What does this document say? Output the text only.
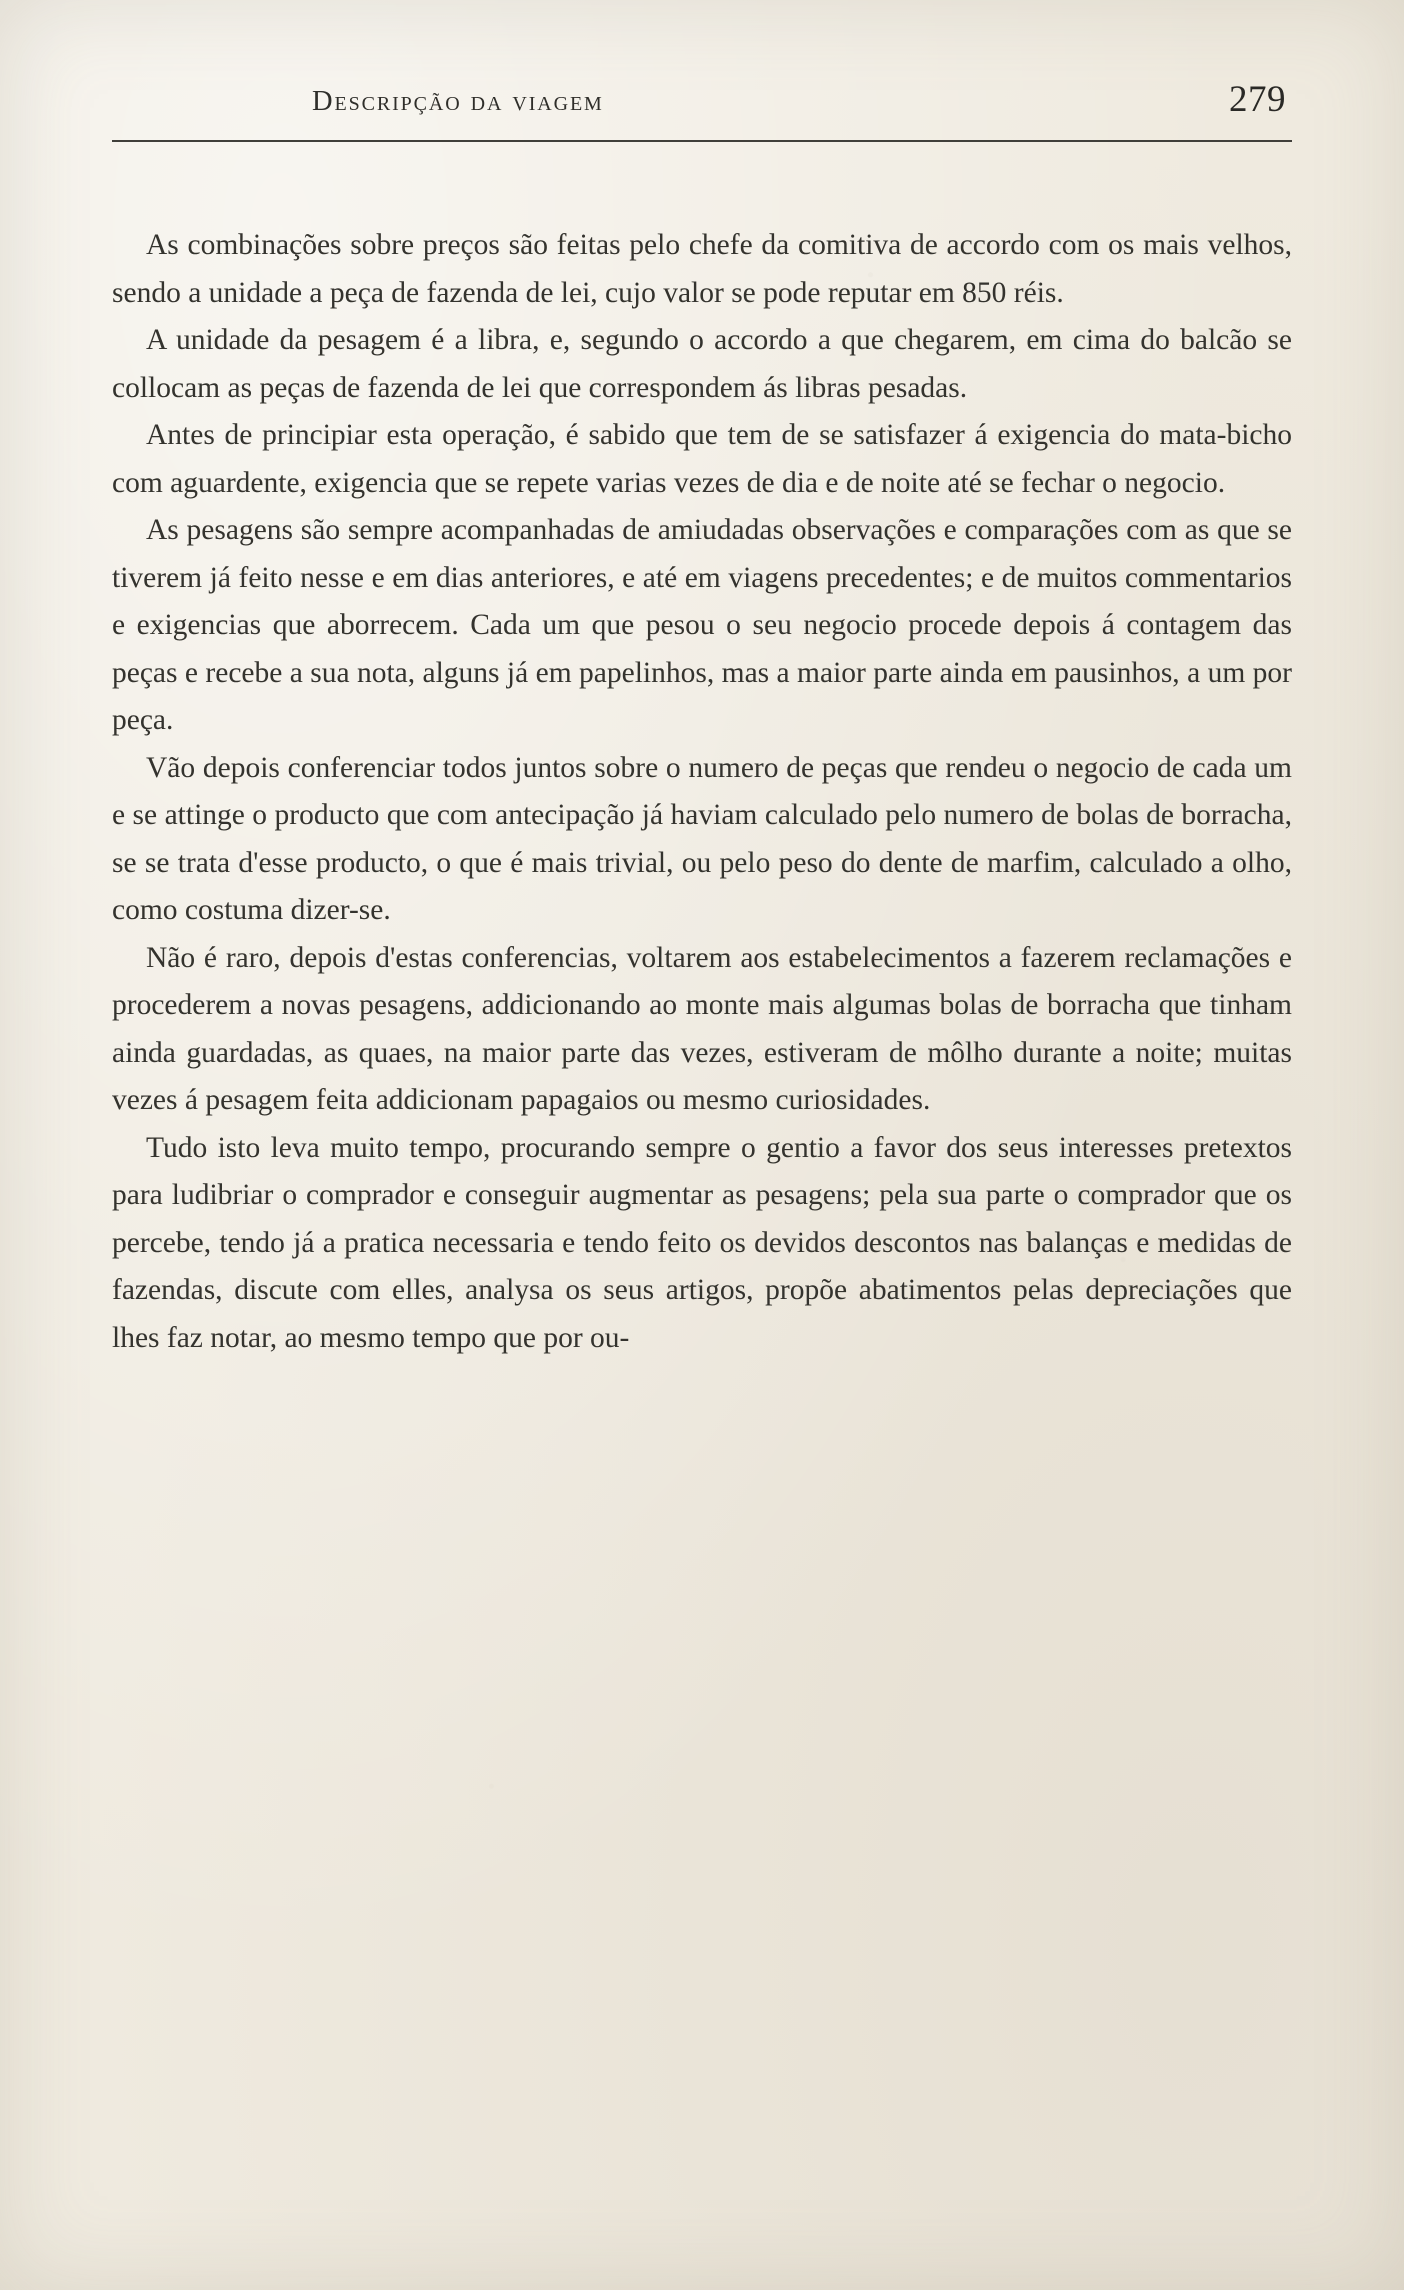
Descripção da viagem	279

As combinações sobre preços são feitas pelo chefe da comitiva de accordo com os mais velhos, sendo a unidade a peça de fazenda de lei, cujo valor se pode reputar em 850 réis.

A unidade da pesagem é a libra, e, segundo o accordo a que chegarem, em cima do balcão se collocam as peças de fazenda de lei que correspondem ás libras pesadas.

Antes de principiar esta operação, é sabido que tem de se satisfazer á exigencia do mata-bicho com aguardente, exigencia que se repete varias vezes de dia e de noite até se fechar o negocio.

As pesagens são sempre acompanhadas de amiudadas observações e comparações com as que se tiverem já feito nesse e em dias anteriores, e até em viagens precedentes; e de muitos commentarios e exigencias que aborrecem. Cada um que pesou o seu negocio procede depois á contagem das peças e recebe a sua nota, alguns já em papelinhos, mas a maior parte ainda em pausinhos, a um por peça.

Vão depois conferenciar todos juntos sobre o numero de peças que rendeu o negocio de cada um e se attinge o producto que com antecipação já haviam calculado pelo numero de bolas de borracha, se se trata d'esse producto, o que é mais trivial, ou pelo peso do dente de marfim, calculado a olho, como costuma dizer-se.

Não é raro, depois d'estas conferencias, voltarem aos estabelecimentos a fazerem reclamações e procederem a novas pesagens, addicionando ao monte mais algumas bolas de borracha que tinham ainda guardadas, as quaes, na maior parte das vezes, estiveram de môlho durante a noite; muitas vezes á pesagem feita addicionam papagaios ou mesmo curiosidades.

Tudo isto leva muito tempo, procurando sempre o gentio a favor dos seus interesses pretextos para ludibriar o comprador e conseguir augmentar as pesagens; pela sua parte o comprador que os percebe, tendo já a pratica necessaria e tendo feito os devidos descontos nas balanças e medidas de fazendas, discute com elles, analysa os seus artigos, propõe abatimentos pelas depreciações que lhes faz notar, ao mesmo tempo que por ou-
